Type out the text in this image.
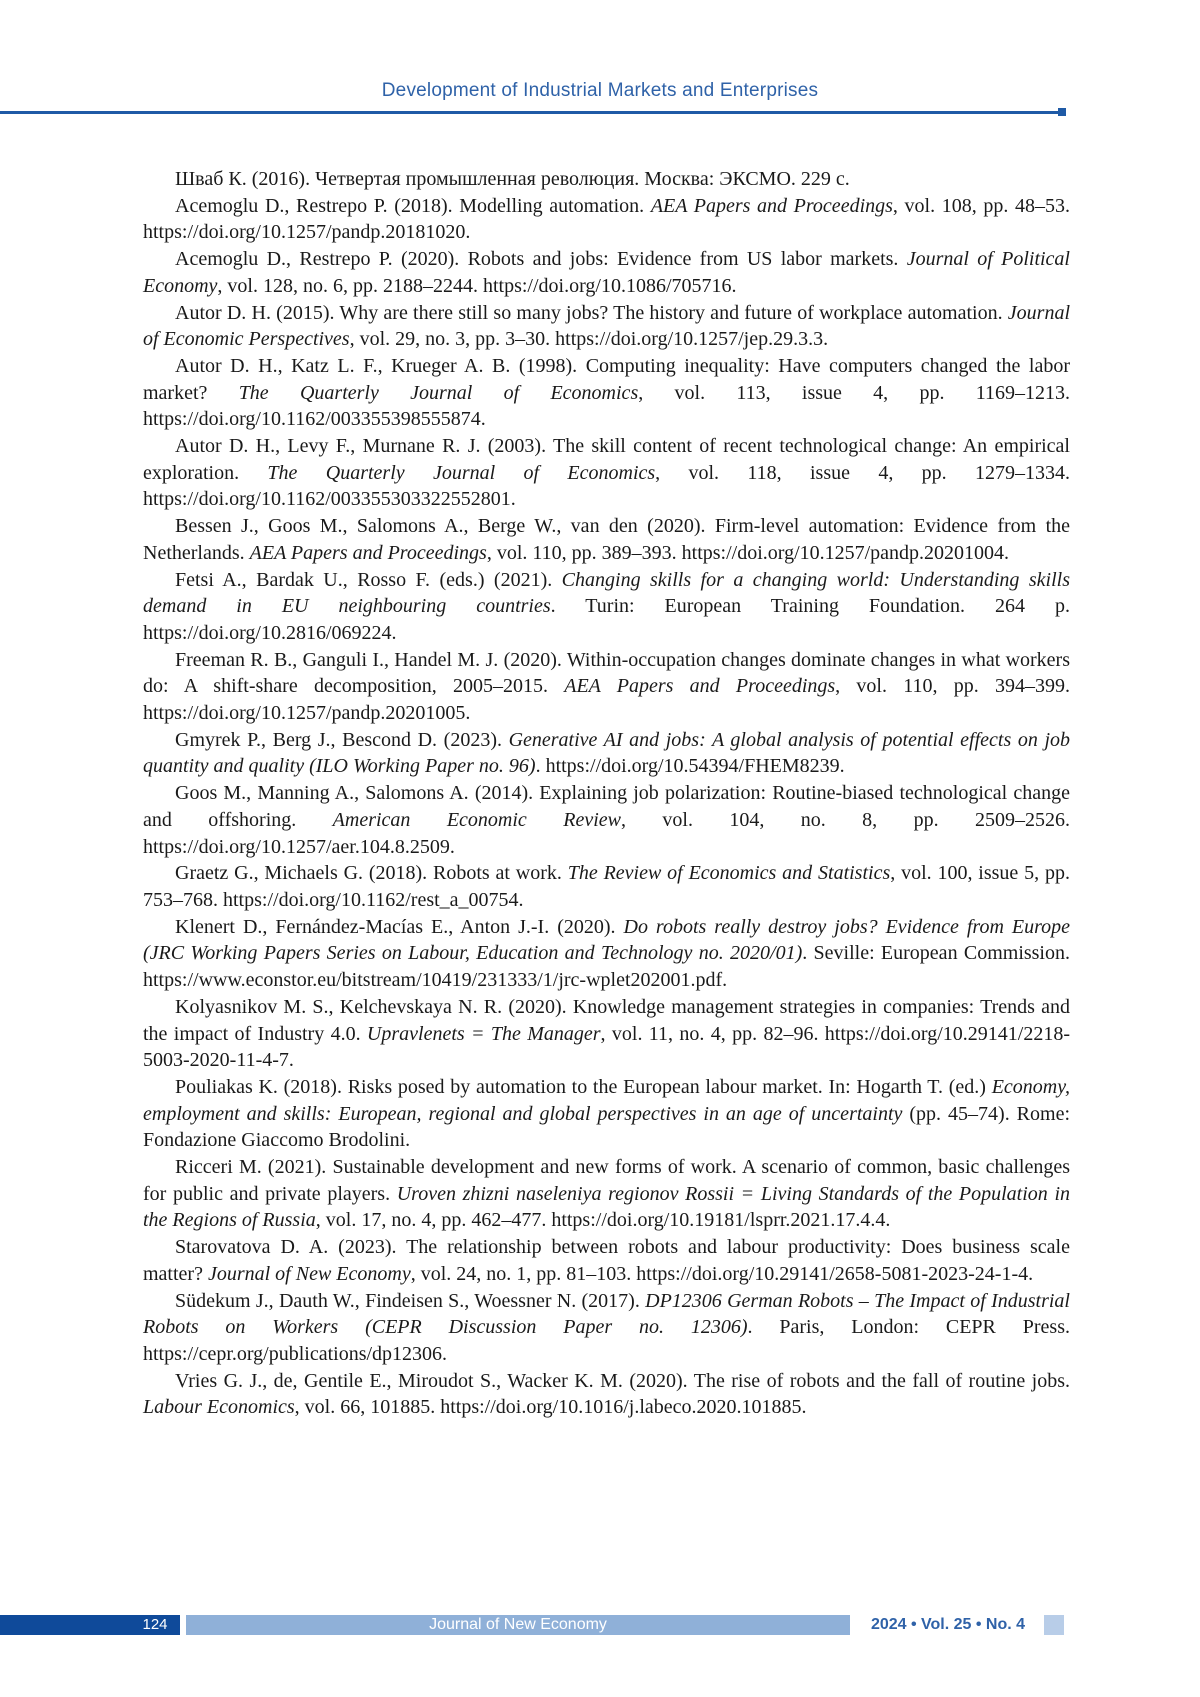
Development of Industrial Markets and Enterprises

Шваб К. (2016). Четвертая промышленная революция. Москва: ЭКСМО. 229 с.

Acemoglu D., Restrepo P. (2018). Modelling automation. AEA Papers and Proceedings, vol. 108, pp. 48–53. https://doi.org/10.1257/pandp.20181020.

Acemoglu D., Restrepo P. (2020). Robots and jobs: Evidence from US labor markets. Journal of Political Economy, vol. 128, no. 6, pp. 2188–2244. https://doi.org/10.1086/705716.

Autor D. H. (2015). Why are there still so many jobs? The history and future of workplace automation. Journal of Economic Perspectives, vol. 29, no. 3, pp. 3–30. https://doi.org/10.1257/jep.29.3.3.

Autor D. H., Katz L. F., Krueger A. B. (1998). Computing inequality: Have computers changed the labor market? The Quarterly Journal of Economics, vol. 113, issue 4, pp. 1169–1213. https://doi.org/10.1162/003355398555874.

Autor D. H., Levy F., Murnane R. J. (2003). The skill content of recent technological change: An empirical exploration. The Quarterly Journal of Economics, vol. 118, issue 4, pp. 1279–1334. https://doi.org/10.1162/003355303322552801.

Bessen J., Goos M., Salomons A., Berge W., van den (2020). Firm-level automation: Evidence from the Netherlands. AEA Papers and Proceedings, vol. 110, pp. 389–393. https://doi.org/10.1257/pandp.20201004.

Fetsi A., Bardak U., Rosso F. (eds.) (2021). Changing skills for a changing world: Understanding skills demand in EU neighbouring countries. Turin: European Training Foundation. 264 p. https://doi.org/10.2816/069224.

Freeman R. B., Ganguli I., Handel M. J. (2020). Within-occupation changes dominate changes in what workers do: A shift-share decomposition, 2005–2015. AEA Papers and Proceedings, vol. 110, pp. 394–399. https://doi.org/10.1257/pandp.20201005.

Gmyrek P., Berg J., Bescond D. (2023). Generative AI and jobs: A global analysis of potential effects on job quantity and quality (ILO Working Paper no. 96). https://doi.org/10.54394/FHEM8239.

Goos M., Manning A., Salomons A. (2014). Explaining job polarization: Routine-biased technological change and offshoring. American Economic Review, vol. 104, no. 8, pp. 2509–2526. https://doi.org/10.1257/aer.104.8.2509.

Graetz G., Michaels G. (2018). Robots at work. The Review of Economics and Statistics, vol. 100, issue 5, pp. 753–768. https://doi.org/10.1162/rest_a_00754.

Klenert D., Fernández-Macías E., Anton J.-I. (2020). Do robots really destroy jobs? Evidence from Europe (JRC Working Papers Series on Labour, Education and Technology no. 2020/01). Seville: European Commission. https://www.econstor.eu/bitstream/10419/231333/1/jrc-wplet202001.pdf.

Kolyasnikov M. S., Kelchevskaya N. R. (2020). Knowledge management strategies in companies: Trends and the impact of Industry 4.0. Upravlenets = The Manager, vol. 11, no. 4, pp. 82–96. https://doi.org/10.29141/2218-5003-2020-11-4-7.

Pouliakas K. (2018). Risks posed by automation to the European labour market. In: Hogarth T. (ed.) Economy, employment and skills: European, regional and global perspectives in an age of uncertainty (pp. 45–74). Rome: Fondazione Giaccomo Brodolini.

Ricceri M. (2021). Sustainable development and new forms of work. A scenario of common, basic challenges for public and private players. Uroven zhizni naseleniya regionov Rossii = Living Standards of the Population in the Regions of Russia, vol. 17, no. 4, pp. 462–477. https://doi.org/10.19181/lsprr.2021.17.4.4.

Starovatova D. A. (2023). The relationship between robots and labour productivity: Does business scale matter? Journal of New Economy, vol. 24, no. 1, pp. 81–103. https://doi.org/10.29141/2658-5081-2023-24-1-4.

Südekum J., Dauth W., Findeisen S., Woessner N. (2017). DP12306 German Robots – The Impact of Industrial Robots on Workers (CEPR Discussion Paper no. 12306). Paris, London: CEPR Press. https://cepr.org/publications/dp12306.

Vries G. J., de, Gentile E., Miroudot S., Wacker K. M. (2020). The rise of robots and the fall of routine jobs. Labour Economics, vol. 66, 101885. https://doi.org/10.1016/j.labeco.2020.101885.

124	Journal of New Economy	2024 • Vol. 25 • No. 4
